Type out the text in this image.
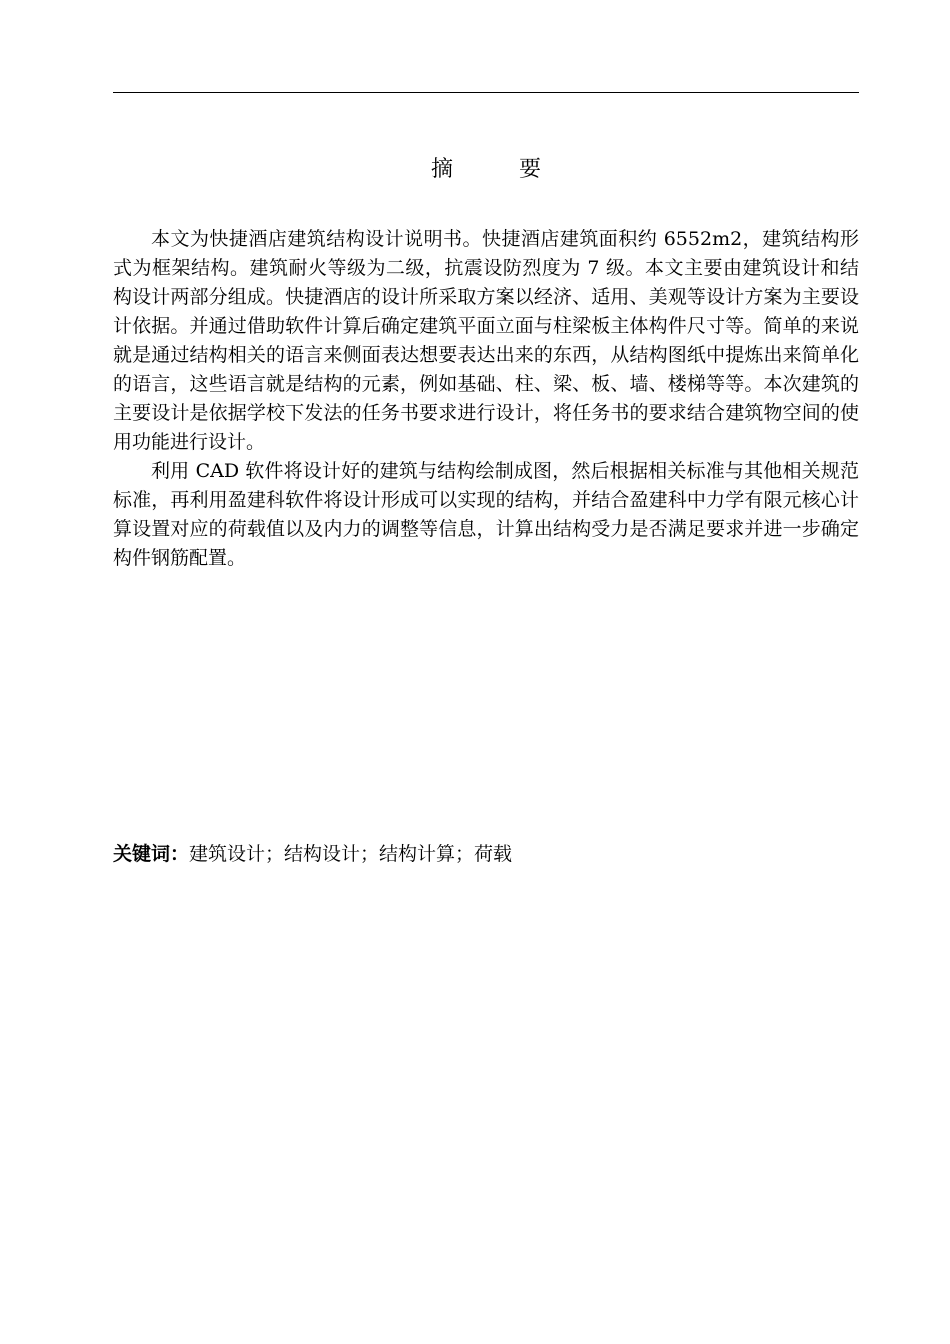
摘　要

本文为快捷酒店建筑结构设计说明书。快捷酒店建筑面积约 6552m2，建筑结构形式为框架结构。建筑耐火等级为二级，抗震设防烈度为 7 级。本文主要由建筑设计和结构设计两部分组成。快捷酒店的设计所采取方案以经济、适用、美观等设计方案为主要设计依据。并通过借助软件计算后确定建筑平面立面与柱梁板主体构件尺寸等。简单的来说就是通过结构相关的语言来侧面表达想要表达出来的东西，从结构图纸中提炼出来简单化的语言，这些语言就是结构的元素，例如基础、柱、梁、板、墙、楼梯等等。本次建筑的主要设计是依据学校下发法的任务书要求进行设计，将任务书的要求结合建筑物空间的使用功能进行设计。

利用 CAD 软件将设计好的建筑与结构绘制成图，然后根据相关标准与其他相关规范标准，再利用盈建科软件将设计形成可以实现的结构，并结合盈建科中力学有限元核心计算设置对应的荷载值以及内力的调整等信息，计算出结构受力是否满足要求并进一步确定构件钢筋配置。

关键词：建筑设计；结构设计；结构计算；荷载
